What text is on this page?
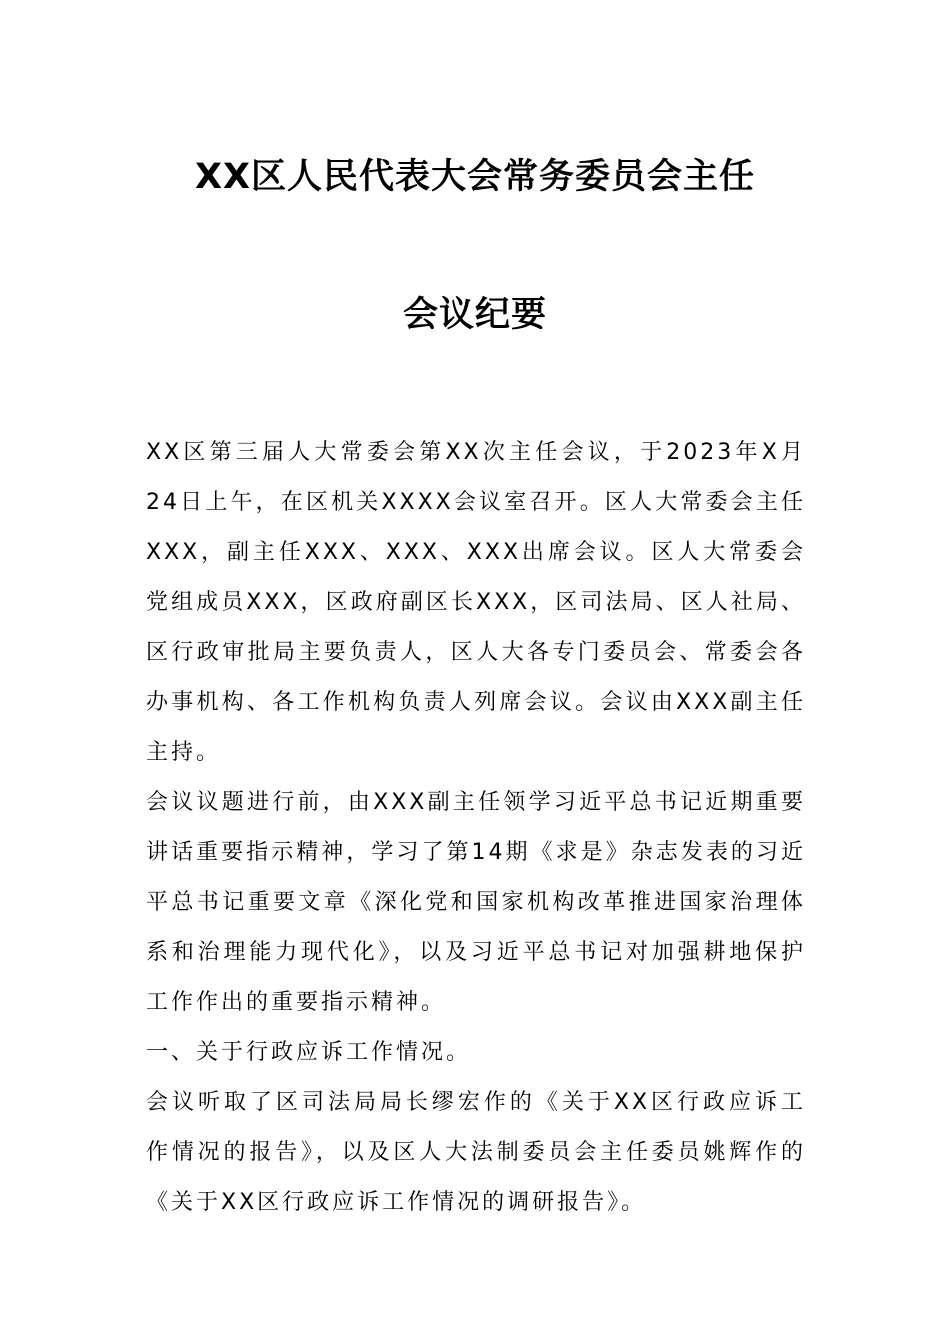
XX区人民代表大会常务委员会主任
会议纪要

XX区第三届人大常委会第XX次主任会议，于2023年X月24日上午，在区机关XXXX会议室召开。区人大常委会主任XXX，副主任XXX、XXX、XXX出席会议。区人大常委会党组成员XXX，区政府副区长XXX，区司法局、区人社局、区行政审批局主要负责人，区人大各专门委员会、常委会各办事机构、各工作机构负责人列席会议。会议由XXX副主任主持。

会议议题进行前，由XXX副主任领学习近平总书记近期重要讲话重要指示精神，学习了第14期《求是》杂志发表的习近平总书记重要文章《深化党和国家机构改革推进国家治理体系和治理能力现代化》，以及习近平总书记对加强耕地保护工作作出的重要指示精神。

一、关于行政应诉工作情况。

会议听取了区司法局局长缪宏作的《关于XX区行政应诉工作情况的报告》，以及区人大法制委员会主任委员姚辉作的《关于XX区行政应诉工作情况的调研报告》。
